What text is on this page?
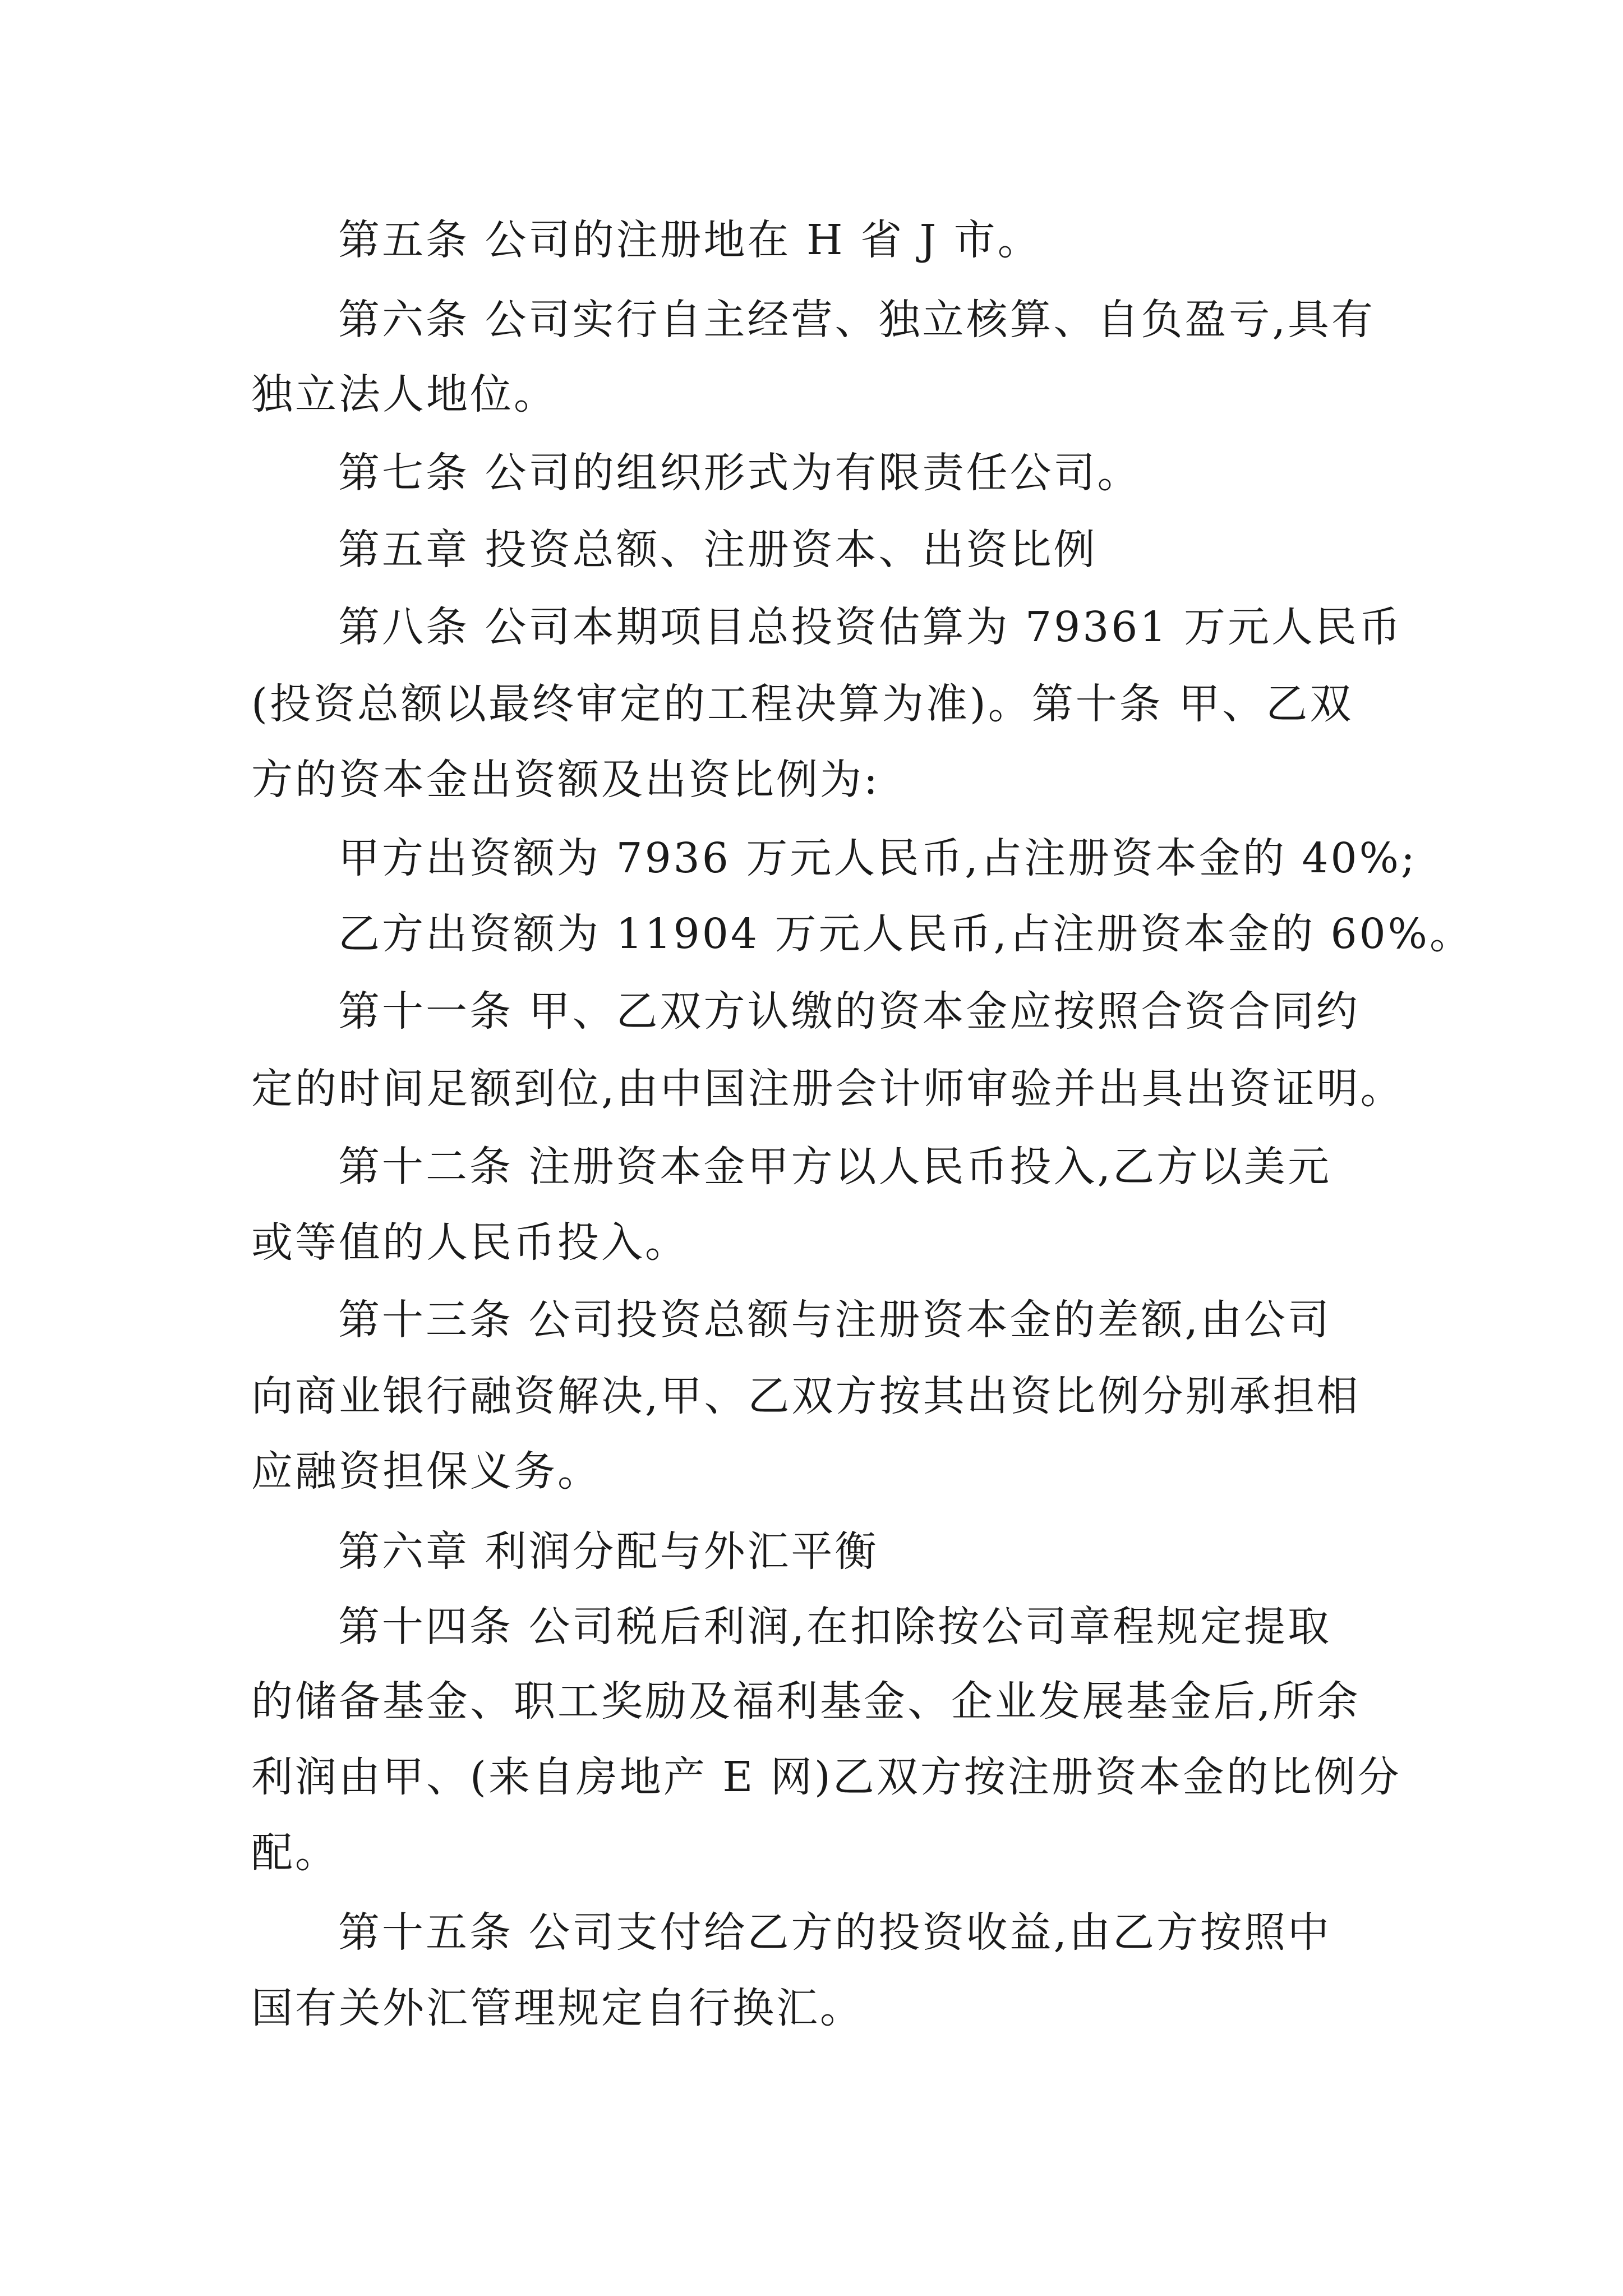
第五条 公司的注册地在 H 省 J 市。
第六条 公司实行自主经营、独立核算、自负盈亏,具有
独立法人地位。
第七条 公司的组织形式为有限责任公司。
第五章 投资总额、注册资本、出资比例
第八条 公司本期项目总投资估算为 79361 万元人民币
(投资总额以最终审定的工程决算为准)。第十条 甲、乙双
方的资本金出资额及出资比例为:
甲方出资额为 7936 万元人民币,占注册资本金的 40%;
乙方出资额为 11904 万元人民币,占注册资本金的 60%。
第十一条 甲、乙双方认缴的资本金应按照合资合同约
定的时间足额到位,由中国注册会计师审验并出具出资证明。
第十二条 注册资本金甲方以人民币投入,乙方以美元
或等值的人民币投入。
第十三条 公司投资总额与注册资本金的差额,由公司
向商业银行融资解决,甲、乙双方按其出资比例分别承担相
应融资担保义务。
第六章 利润分配与外汇平衡
第十四条 公司税后利润,在扣除按公司章程规定提取
的储备基金、职工奖励及福利基金、企业发展基金后,所余
利润由甲、(来自房地产 E 网)乙双方按注册资本金的比例分
配。
第十五条 公司支付给乙方的投资收益,由乙方按照中
国有关外汇管理规定自行换汇。
